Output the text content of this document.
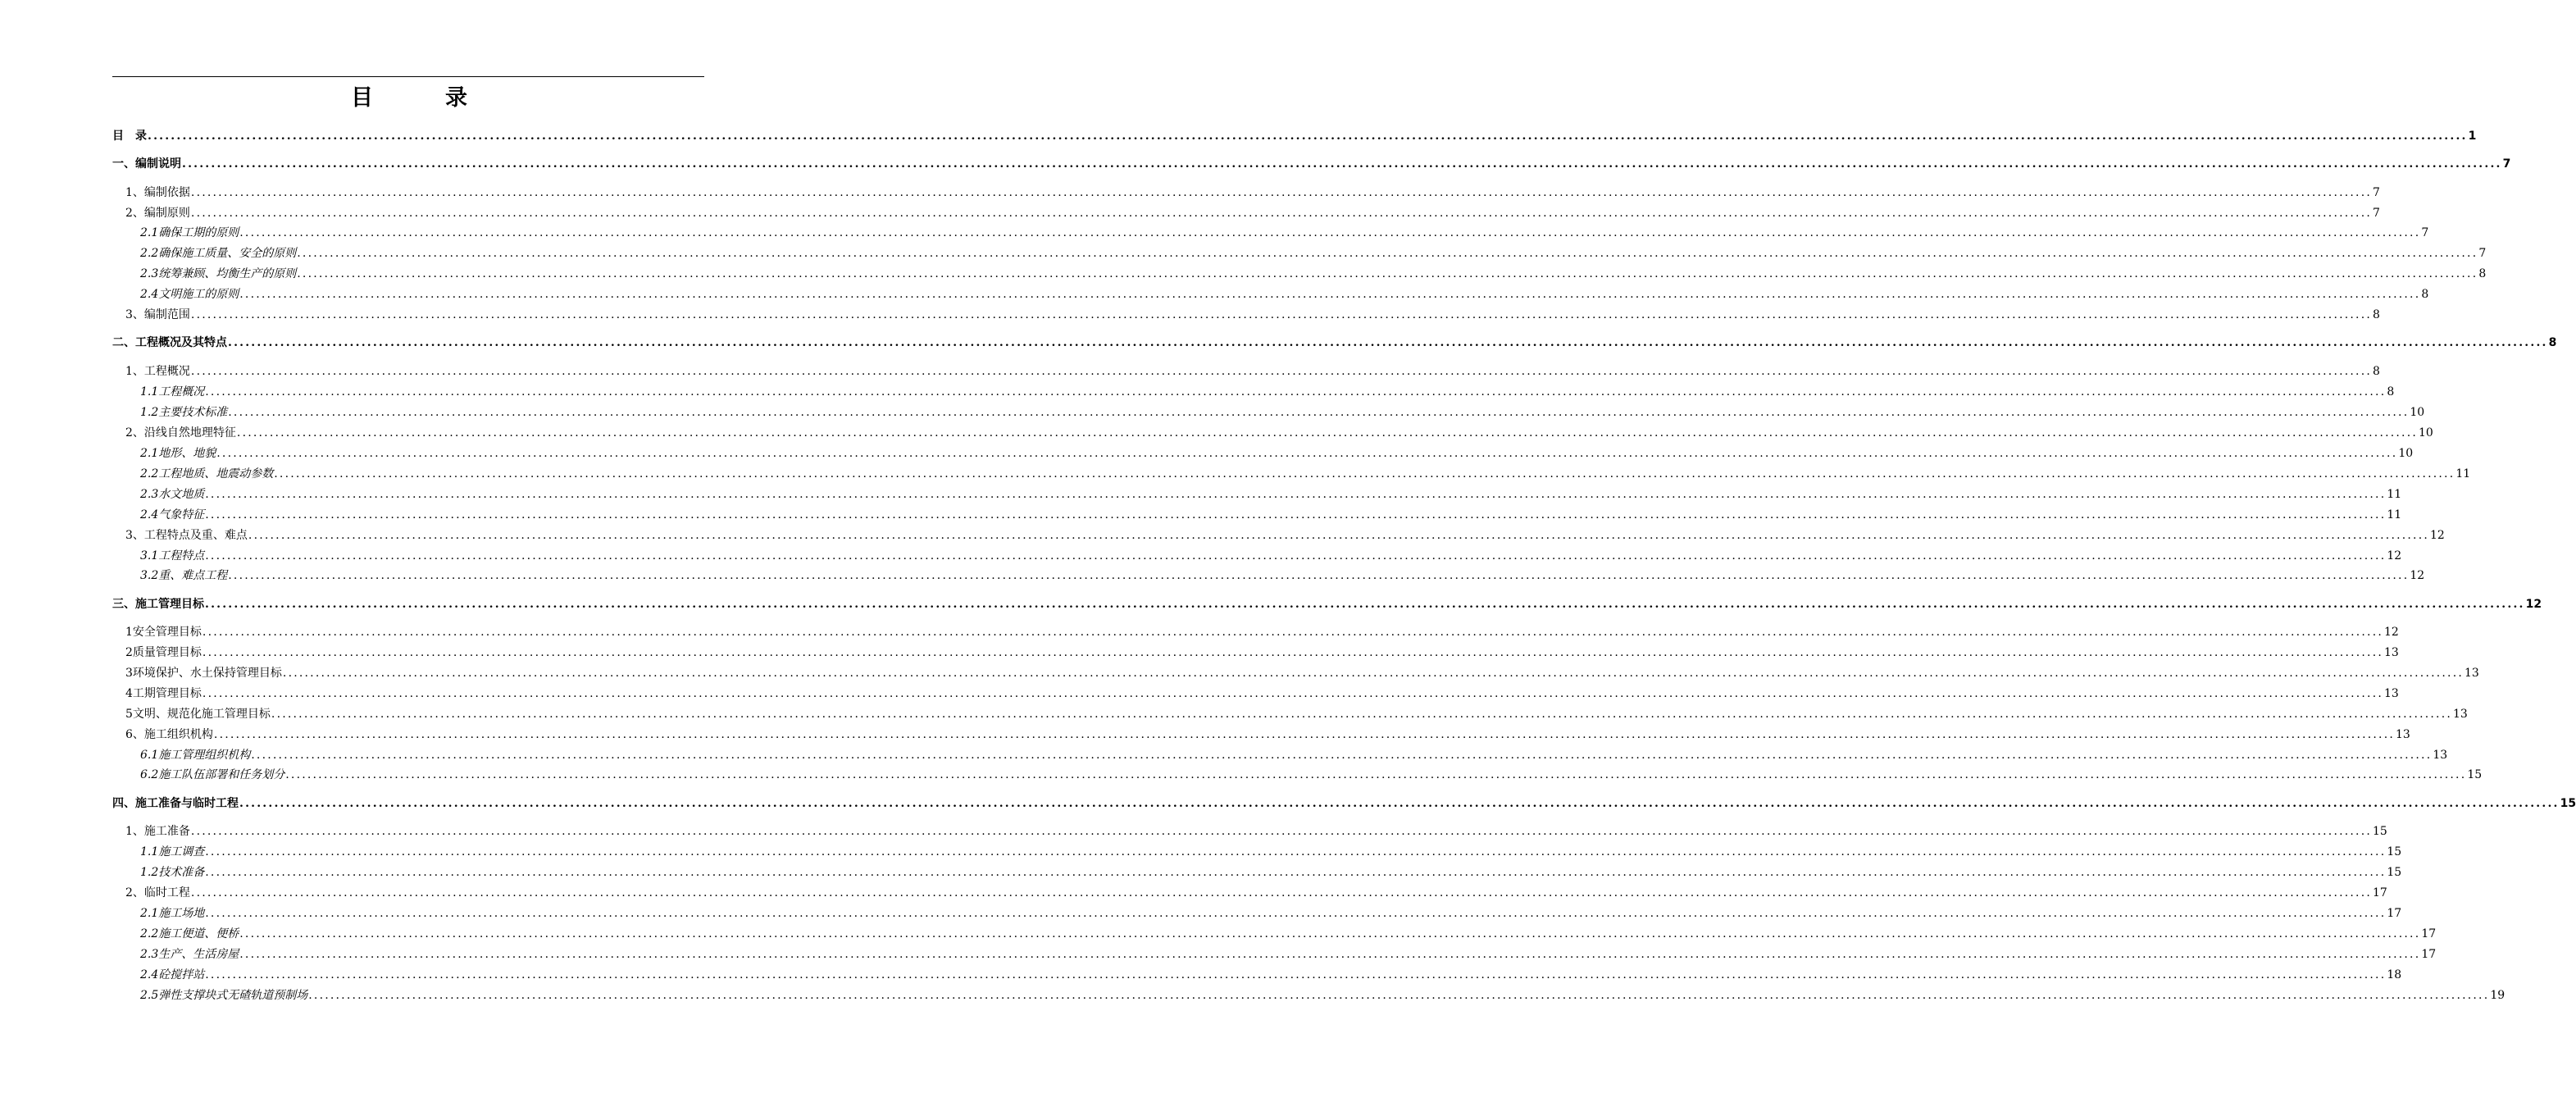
目	录
目　录 ................................................................................................................................................................................................................................................................................................................................................................................................................ 1
一、编制说明 ................................................................................................................................................................................................................................................................................................................................................................................................................ 7
1、编制依据 ................................................................................................................................................................................................................................................................................................................................................................................................................ 7
2、编制原则 ................................................................................................................................................................................................................................................................................................................................................................................................................ 7
2.1确保工期的原则 ................................................................................................................................................................................................................................................................................................................................................................................................................ 7
2.2确保施工质量、安全的原则 ................................................................................................................................................................................................................................................................................................................................................................................................................ 7
2.3统筹兼顾、均衡生产的原则 ................................................................................................................................................................................................................................................................................................................................................................................................................ 8
2.4文明施工的原则 ................................................................................................................................................................................................................................................................................................................................................................................................................ 8
3、编制范围 ................................................................................................................................................................................................................................................................................................................................................................................................................ 8
二、工程概况及其特点 ................................................................................................................................................................................................................................................................................................................................................................................................................ 8
1、工程概况 ................................................................................................................................................................................................................................................................................................................................................................................................................ 8
1.1工程概况 ................................................................................................................................................................................................................................................................................................................................................................................................................ 8
1.2主要技术标准 ................................................................................................................................................................................................................................................................................................................................................................................................................ 10
2、沿线自然地理特征 ................................................................................................................................................................................................................................................................................................................................................................................................................ 10
2.1地形、地貌 ................................................................................................................................................................................................................................................................................................................................................................................................................ 10
2.2工程地质、地震动参数 ................................................................................................................................................................................................................................................................................................................................................................................................................ 11
2.3水文地质 ................................................................................................................................................................................................................................................................................................................................................................................................................ 11
2.4气象特征 ................................................................................................................................................................................................................................................................................................................................................................................................................ 11
3、工程特点及重、难点 ................................................................................................................................................................................................................................................................................................................................................................................................................ 12
3.1工程特点 ................................................................................................................................................................................................................................................................................................................................................................................................................ 12
3.2重、难点工程 ................................................................................................................................................................................................................................................................................................................................................................................................................ 12
三、施工管理目标 ................................................................................................................................................................................................................................................................................................................................................................................................................ 12
1安全管理目标 ................................................................................................................................................................................................................................................................................................................................................................................................................ 12
2质量管理目标 ................................................................................................................................................................................................................................................................................................................................................................................................................ 13
3环境保护、水土保持管理目标 ................................................................................................................................................................................................................................................................................................................................................................................................................ 13
4工期管理目标 ................................................................................................................................................................................................................................................................................................................................................................................................................ 13
5文明、规范化施工管理目标 ................................................................................................................................................................................................................................................................................................................................................................................................................ 13
6、施工组织机构 ................................................................................................................................................................................................................................................................................................................................................................................................................ 13
6.1施工管理组织机构 ................................................................................................................................................................................................................................................................................................................................................................................................................ 13
6.2施工队伍部署和任务划分 ................................................................................................................................................................................................................................................................................................................................................................................................................ 15
四、施工准备与临时工程 ................................................................................................................................................................................................................................................................................................................................................................................................................ 15
1、施工准备 ................................................................................................................................................................................................................................................................................................................................................................................................................ 15
1.1施工调查 ................................................................................................................................................................................................................................................................................................................................................................................................................ 15
1.2技术准备 ................................................................................................................................................................................................................................................................................................................................................................................................................ 15
2、临时工程 ................................................................................................................................................................................................................................................................................................................................................................................................................ 17
2.1施工场地 ................................................................................................................................................................................................................................................................................................................................................................................................................ 17
2.2施工便道、便桥 ................................................................................................................................................................................................................................................................................................................................................................................................................ 17
2.3生产、生活房屋 ................................................................................................................................................................................................................................................................................................................................................................................................................ 17
2.4砼搅拌站 ................................................................................................................................................................................................................................................................................................................................................................................................................ 18
2.5弹性支撑块式无碴轨道预制场 ................................................................................................................................................................................................................................................................................................................................................................................................................ 19
